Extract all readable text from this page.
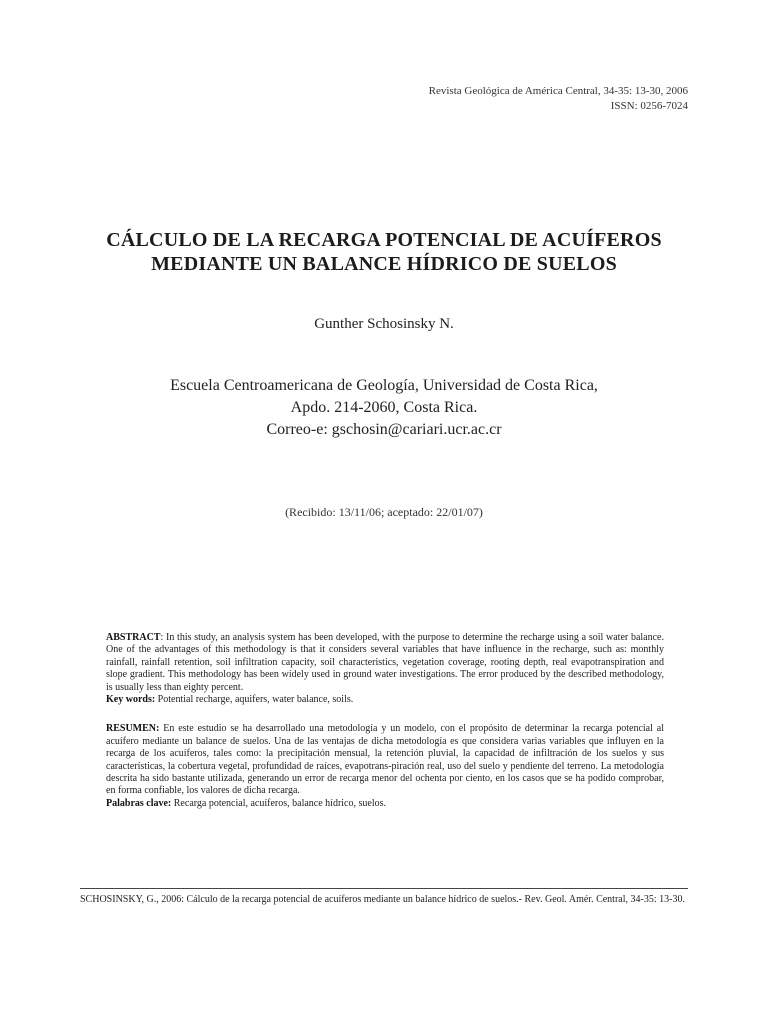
Revista Geológica de América Central, 34-35: 13-30, 2006
ISSN: 0256-7024
CÁLCULO DE LA RECARGA POTENCIAL DE ACUÍFEROS
MEDIANTE UN BALANCE HÍDRICO DE SUELOS
Gunther Schosinsky N.
Escuela Centroamericana de Geología, Universidad de Costa Rica,
Apdo. 214-2060, Costa Rica.
Correo-e: gschosin@cariari.ucr.ac.cr
(Recibido: 13/11/06; aceptado: 22/01/07)

ABSTRACT: In this study, an analysis system has been developed, with the purpose to determine the recharge using a soil water balance. One of the advantages of this methodology is that it considers several variables that have influence in the recharge, such as: monthly rainfall, rainfall retention, soil infiltration capacity, soil characteristics, vegetation coverage, rooting depth, real evapotranspiration and slope gradient. This methodology has been widely used in ground water investigations. The error produced by the described methodology, is usually less than eighty percent.

Key words: Potential recharge, aquifers, water balance, soils.

RESUMEN: En este estudio se ha desarrollado una metodología y un modelo, con el propósito de determinar la recarga potencial al acuífero mediante un balance de suelos. Una de las ventajas de dicha metodología es que considera varias variables que influyen en la recarga de los acuíferos, tales como: la precipitación mensual, la retención pluvial, la capacidad de infiltración de los suelos y sus características, la cobertura vegetal, profundidad de raíces, evapotrans-piración real, uso del suelo y pendiente del terreno. La metodología descrita ha sido bastante utilizada, generando un error de recarga menor del ochenta por ciento, en los casos que se ha podido comprobar, en forma confiable, los valores de dicha recarga.

Palabras clave: Recarga potencial, acuíferos, balance hídrico, suelos.

SCHOSINSKY, G., 2006: Cálculo de la recarga potencial de acuíferos mediante un balance hídrico de suelos.- Rev. Geol. Amér. Central, 34-35: 13-30.
